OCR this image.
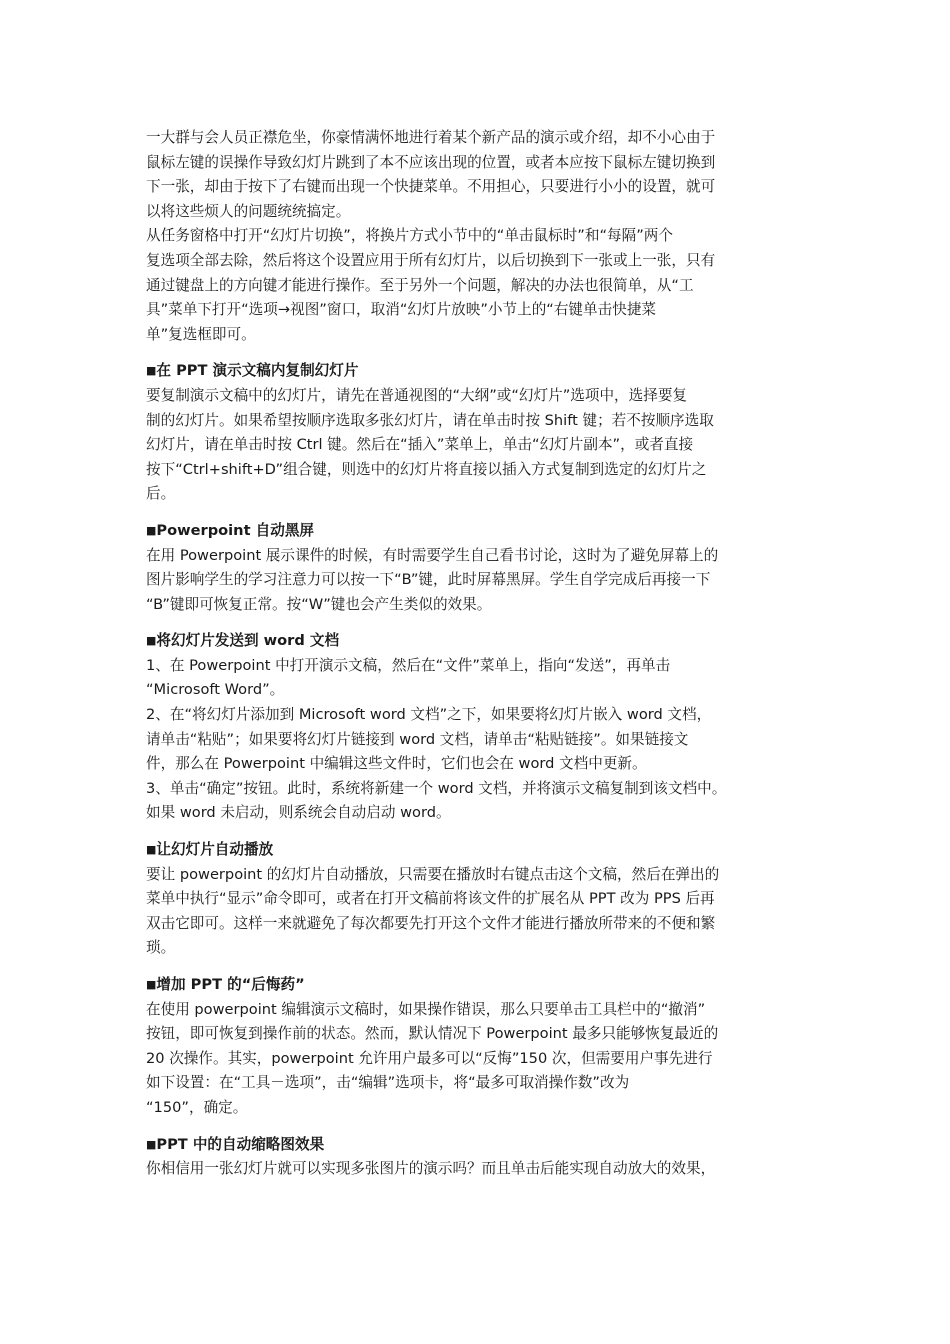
一大群与会人员正襟危坐，你豪情满怀地进行着某个新产品的演示或介绍，却不小心由于
鼠标左键的误操作导致幻灯片跳到了本不应该出现的位置，或者本应按下鼠标左键切换到
下一张，却由于按下了右键而出现一个快捷菜单。不用担心，只要进行小小的设置，就可
以将这些烦人的问题统统搞定。
从任务窗格中打开“幻灯片切换”，将换片方式小节中的“单击鼠标时”和“每隔”两个
复选项全部去除，然后将这个设置应用于所有幻灯片，以后切换到下一张或上一张，只有
通过键盘上的方向键才能进行操作。至于另外一个问题，解决的办法也很简单，从“工
具”菜单下打开“选项→视图”窗口，取消“幻灯片放映”小节上的“右键单击快捷菜
单”复选框即可。

■在 PPT 演示文稿内复制幻灯片

要复制演示文稿中的幻灯片，请先在普通视图的“大纲”或“幻灯片”选项中，选择要复
制的幻灯片。如果希望按顺序选取多张幻灯片，请在单击时按 Shift 键；若不按顺序选取
幻灯片，请在单击时按 Ctrl 键。然后在“插入”菜单上，单击“幻灯片副本”，或者直接
按下“Ctrl+shift+D”组合键，则选中的幻灯片将直接以插入方式复制到选定的幻灯片之
后。

■Powerpoint 自动黑屏

在用 Powerpoint 展示课件的时候，有时需要学生自己看书讨论，这时为了避免屏幕上的
图片影响学生的学习注意力可以按一下“B”键，此时屏幕黑屏。学生自学完成后再接一下
“B”键即可恢复正常。按“W”键也会产生类似的效果。

■将幻灯片发送到 word 文档

1、在 Powerpoint 中打开演示文稿，然后在“文件”菜单上，指向“发送”，再单击
“Microsoft Word”。
2、在“将幻灯片添加到 Microsoft word 文档”之下，如果要将幻灯片嵌入 word 文档，
请单击“粘贴”；如果要将幻灯片链接到 word 文档，请单击“粘贴链接”。如果链接文
件，那么在 Powerpoint 中编辑这些文件时，它们也会在 word 文档中更新。
3、单击“确定”按钮。此时，系统将新建一个 word 文档，并将演示文稿复制到该文档中。
如果 word 未启动，则系统会自动启动 word。

■让幻灯片自动播放

要让 powerpoint 的幻灯片自动播放，只需要在播放时右键点击这个文稿，然后在弹出的
菜单中执行“显示”命令即可，或者在打开文稿前将该文件的扩展名从 PPT 改为 PPS 后再
双击它即可。这样一来就避免了每次都要先打开这个文件才能进行播放所带来的不便和繁
琐。

■增加 PPT 的“后悔药”

在使用 powerpoint 编辑演示文稿时，如果操作错误，那么只要单击工具栏中的“撤消”
按钮，即可恢复到操作前的状态。然而，默认情况下 Powerpoint 最多只能够恢复最近的
20 次操作。其实，powerpoint 允许用户最多可以“反悔”150 次，但需要用户事先进行
如下设置：在“工具－选项”，击“编辑”选项卡，将“最多可取消操作数”改为
“150”，确定。

■PPT 中的自动缩略图效果

你相信用一张幻灯片就可以实现多张图片的演示吗？而且单击后能实现自动放大的效果，
